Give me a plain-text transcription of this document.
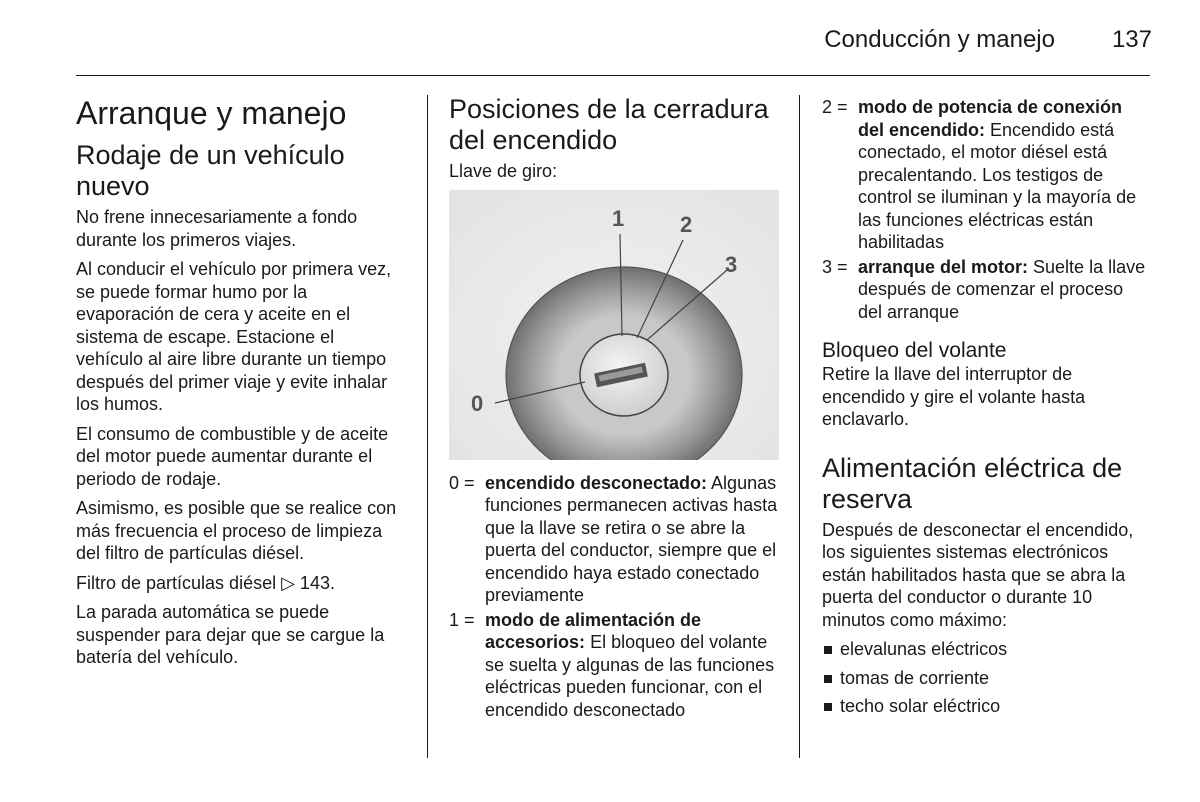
Conducción y manejo 137
Arranque y manejo
Rodaje de un vehículo nuevo

No frene innecesariamente a fondo durante los primeros viajes.

Al conducir el vehículo por primera vez, se puede formar humo por la evaporación de cera y aceite en el sistema de escape. Estacione el vehículo al aire libre durante un tiempo después del primer viaje y evite inhalar los humos.

El consumo de combustible y de aceite del motor puede aumentar durante el periodo de rodaje.

Asimismo, es posible que se realice con más frecuencia el proceso de limpieza del filtro de partículas diésel.

Filtro de partículas diésel ▷ 143.

La parada automática se puede suspender para dejar que se cargue la batería del vehículo.

Posiciones de la cerradura del encendido

Llave de giro:

0
1	2
3
0 = encendido desconectado: Algunas funciones permanecen activas hasta que la llave se retira o se abre la puerta del conductor, siempre que el encendido haya estado conectado previamente
1 = modo de alimentación de accesorios: El bloqueo del volante se suelta y algunas de las funciones eléctricas pueden funcionar, con el encendido desconectado
2 = modo de potencia de conexión del encendido: Encendido está conectado, el motor diésel está precalentando. Los testigos de control se iluminan y la mayoría de las funciones eléctricas están habilitadas
3 = arranque del motor: Suelte la llave después de comenzar el proceso del arranque
Bloqueo del volante

Retire la llave del interruptor de encendido y gire el volante hasta enclavarlo.

Alimentación eléctrica de reserva

Después de desconectar el encendido, los siguientes sistemas electrónicos están habilitados hasta que se abra la puerta del conductor o durante 10 minutos como máximo:

elevalunas eléctricos
tomas de corriente
techo solar eléctrico
